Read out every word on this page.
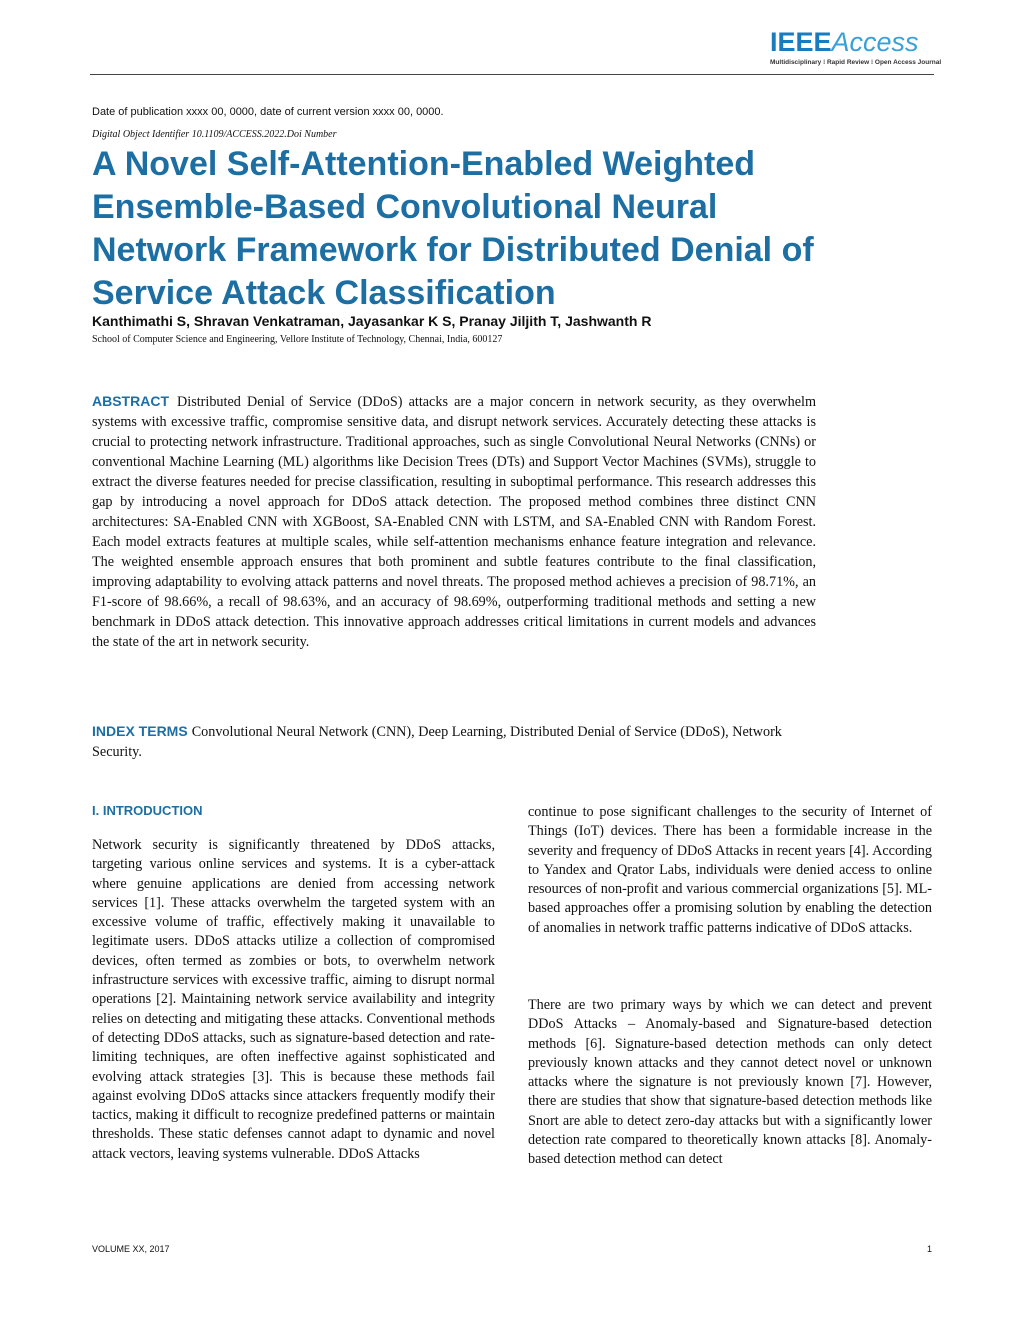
IEEEAccess
Multidisciplinary ⁝ Rapid Review ⁝ Open Access Journal
Date of publication xxxx 00, 0000, date of current version xxxx 00, 0000.
Digital Object Identifier 10.1109/ACCESS.2022.Doi Number
A Novel Self-Attention-Enabled Weighted Ensemble-Based Convolutional Neural Network Framework for Distributed Denial of Service Attack Classification
Kanthimathi S, Shravan Venkatraman, Jayasankar K S, Pranay Jiljith T, Jashwanth R
School of Computer Science and Engineering, Vellore Institute of Technology, Chennai, India, 600127

ABSTRACT Distributed Denial of Service (DDoS) attacks are a major concern in network security, as they overwhelm systems with excessive traffic, compromise sensitive data, and disrupt network services. Accurately detecting these attacks is crucial to protecting network infrastructure. Traditional approaches, such as single Convolutional Neural Networks (CNNs) or conventional Machine Learning (ML) algorithms like Decision Trees (DTs) and Support Vector Machines (SVMs), struggle to extract the diverse features needed for precise classification, resulting in suboptimal performance. This research addresses this gap by introducing a novel approach for DDoS attack detection. The proposed method combines three distinct CNN architectures: SA-Enabled CNN with XGBoost, SA-Enabled CNN with LSTM, and SA-Enabled CNN with Random Forest. Each model extracts features at multiple scales, while self-attention mechanisms enhance feature integration and relevance. The weighted ensemble approach ensures that both prominent and subtle features contribute to the final classification, improving adaptability to evolving attack patterns and novel threats. The proposed method achieves a precision of 98.71%, an F1-score of 98.66%, a recall of 98.63%, and an accuracy of 98.69%, outperforming traditional methods and setting a new benchmark in DDoS attack detection. This innovative approach addresses critical limitations in current models and advances the state of the art in network security.

INDEX TERMS Convolutional Neural Network (CNN), Deep Learning, Distributed Denial of Service (DDoS), Network Security.

I. INTRODUCTION

Network security is significantly threatened by DDoS attacks, targeting various online services and systems. It is a cyber-attack where genuine applications are denied from accessing network services [1]. These attacks overwhelm the targeted system with an excessive volume of traffic, effectively making it unavailable to legitimate users. DDoS attacks utilize a collection of compromised devices, often termed as zombies or bots, to overwhelm network infrastructure services with excessive traffic, aiming to disrupt normal operations [2]. Maintaining network service availability and integrity relies on detecting and mitigating these attacks. Conventional methods of detecting DDoS attacks, such as signature-based detection and rate-limiting techniques, are often ineffective against sophisticated and evolving attack strategies [3]. This is because these methods fail against evolving DDoS attacks since attackers frequently modify their tactics, making it difficult to recognize predefined patterns or maintain thresholds. These static defenses cannot adapt to dynamic and novel attack vectors, leaving systems vulnerable. DDoS Attacks

continue to pose significant challenges to the security of Internet of Things (IoT) devices. There has been a formidable increase in the severity and frequency of DDoS Attacks in recent years [4]. According to Yandex and Qrator Labs, individuals were denied access to online resources of non-profit and various commercial organizations [5]. ML-based approaches offer a promising solution by enabling the detection of anomalies in network traffic patterns indicative of DDoS attacks.

There are two primary ways by which we can detect and prevent DDoS Attacks – Anomaly-based and Signature-based detection methods [6]. Signature-based detection methods can only detect previously known attacks and they cannot detect novel or unknown attacks where the signature is not previously known [7]. However, there are studies that show that signature-based detection methods like Snort are able to detect zero-day attacks but with a significantly lower detection rate compared to theoretically known attacks [8]. Anomaly-based detection method can detect

VOLUME XX, 2017	1
